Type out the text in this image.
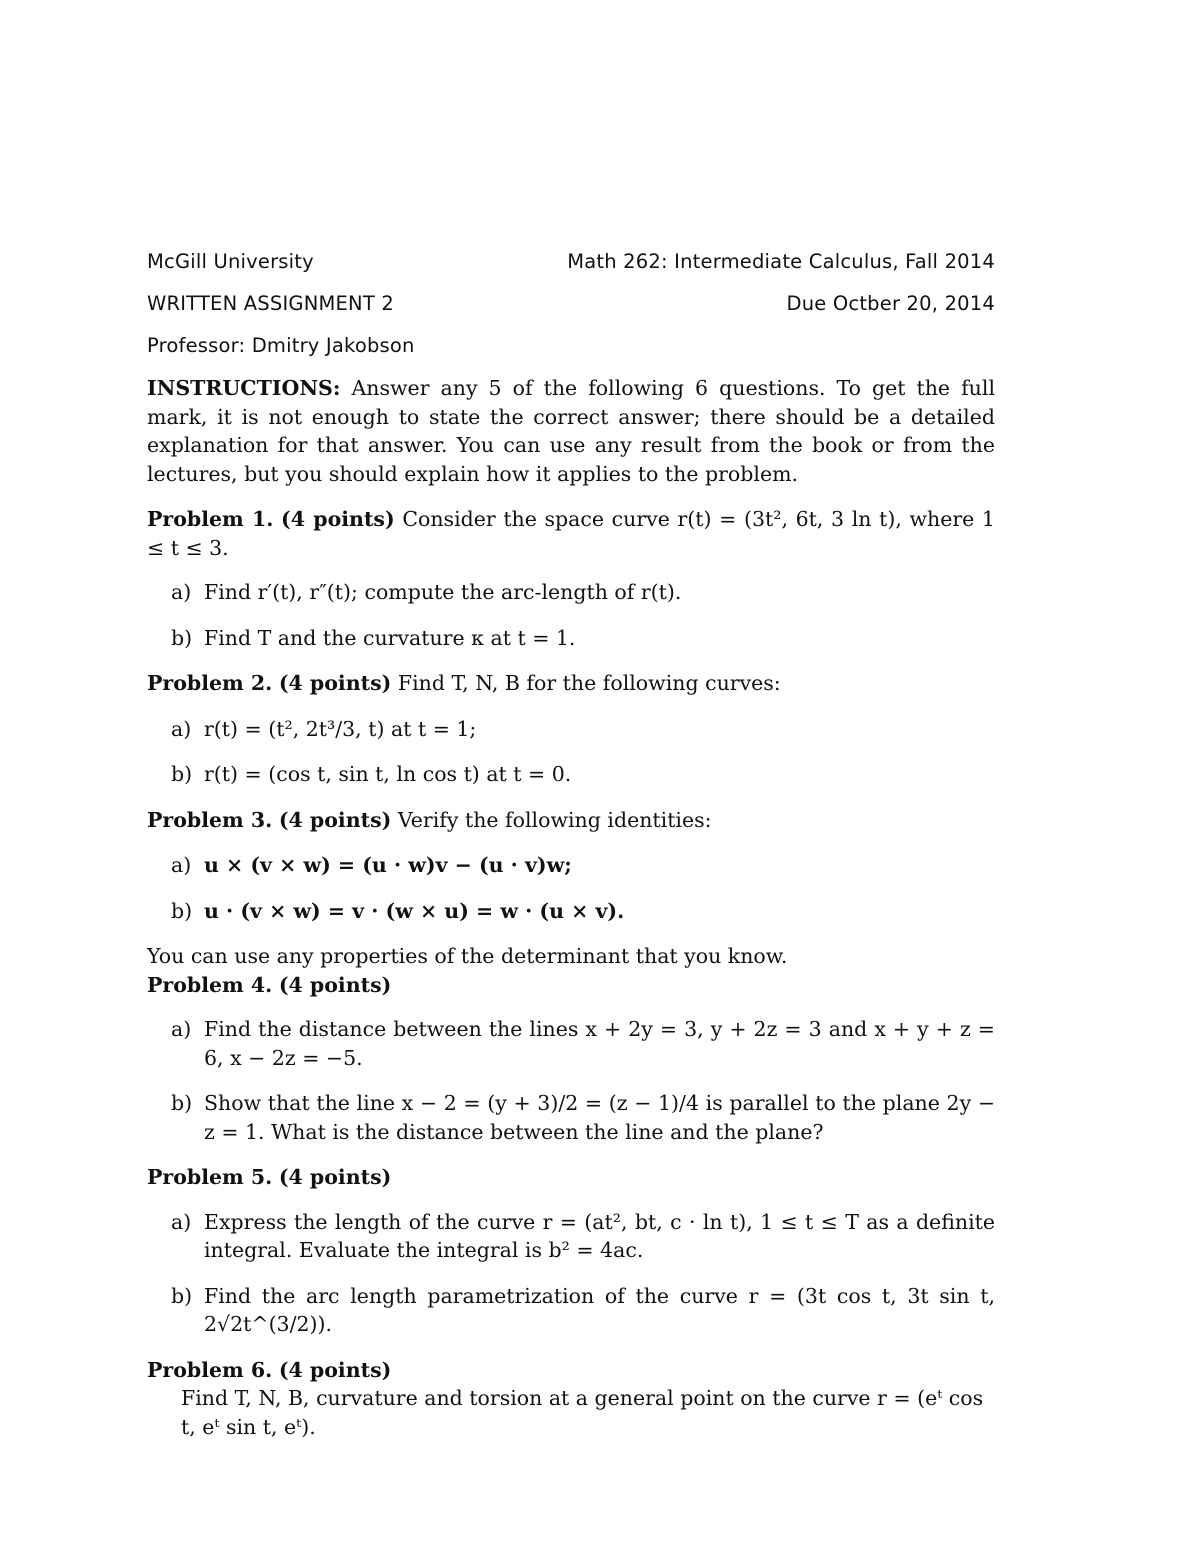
McGill University	Math 262: Intermediate Calculus, Fall 2014
WRITTEN ASSIGNMENT 2	Due Octber 20, 2014
Professor: Dmitry Jakobson
INSTRUCTIONS: Answer any 5 of the following 6 questions. To get the full mark, it is not enough to state the correct answer; there should be a detailed explanation for that answer. You can use any result from the book or from the lectures, but you should explain how it applies to the problem.
Problem 1. (4 points) Consider the space curve r(t) = (3t², 6t, 3 ln t), where 1 ≤ t ≤ 3.
a) Find r′(t), r″(t); compute the arc-length of r(t).
b) Find T and the curvature κ at t = 1.
Problem 2. (4 points) Find T, N, B for the following curves:
a) r(t) = (t², 2t³/3, t) at t = 1;
b) r(t) = (cos t, sin t, ln cos t) at t = 0.
Problem 3. (4 points) Verify the following identities:
a) u × (v × w) = (u · w)v − (u · v)w;
b) u · (v × w) = v · (w × u) = w · (u × v).
You can use any properties of the determinant that you know.
Problem 4. (4 points)
a) Find the distance between the lines x + 2y = 3, y + 2z = 3 and x + y + z = 6, x − 2z = −5.
b) Show that the line x − 2 = (y + 3)/2 = (z − 1)/4 is parallel to the plane 2y − z = 1. What is the distance between the line and the plane?
Problem 5. (4 points)
a) Express the length of the curve r = (at², bt, c · ln t), 1 ≤ t ≤ T as a definite integral. Evaluate the integral is b² = 4ac.
b) Find the arc length parametrization of the curve r = (3t cos t, 3t sin t, 2√2t^(3/2)).
Problem 6. (4 points)
Find T, N, B, curvature and torsion at a general point on the curve r = (eᵗ cos t, eᵗ sin t, eᵗ).
